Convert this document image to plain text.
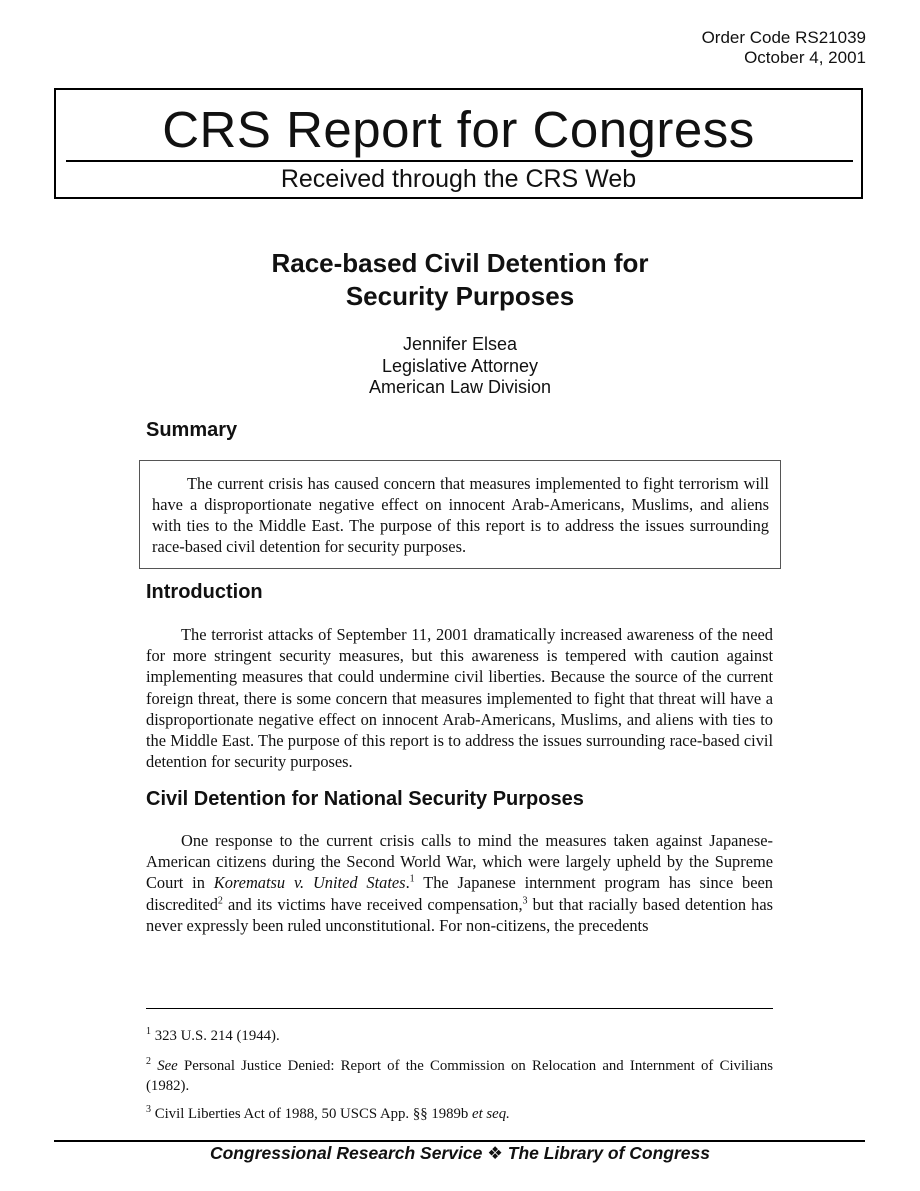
Order Code RS21039
October 4, 2001
CRS Report for Congress
Received through the CRS Web
Race-based Civil Detention for
Security Purposes
Jennifer Elsea
Legislative Attorney
American Law Division
Summary

The current crisis has caused concern that measures implemented to fight terrorism will have a disproportionate negative effect on innocent Arab-Americans, Muslims, and aliens with ties to the Middle East. The purpose of this report is to address the issues surrounding race-based civil detention for security purposes.

Introduction

The terrorist attacks of September 11, 2001 dramatically increased awareness of the need for more stringent security measures, but this awareness is tempered with caution against implementing measures that could undermine civil liberties. Because the source of the current foreign threat, there is some concern that measures implemented to fight that threat will have a disproportionate negative effect on innocent Arab-Americans, Muslims, and aliens with ties to the Middle East. The purpose of this report is to address the issues surrounding race-based civil detention for security purposes.

Civil Detention for National Security Purposes

One response to the current crisis calls to mind the measures taken against Japanese-American citizens during the Second World War, which were largely upheld by the Supreme Court in Korematsu v. United States.$^1$ The Japanese internment program has since been discredited$^2$ and its victims have received compensation,$^3$ but that racially based detention has never expressly been ruled unconstitutional. For non-citizens, the precedents

$^1$ 323 U.S. 214 (1944).
$^2$ See Personal Justice Denied: Report of the Commission on Relocation and Internment of Civilians (1982).
$^3$ Civil Liberties Act of 1988, 50 USCS App. §§ 1989b et seq.
Congressional Research Service ❖ The Library of Congress
